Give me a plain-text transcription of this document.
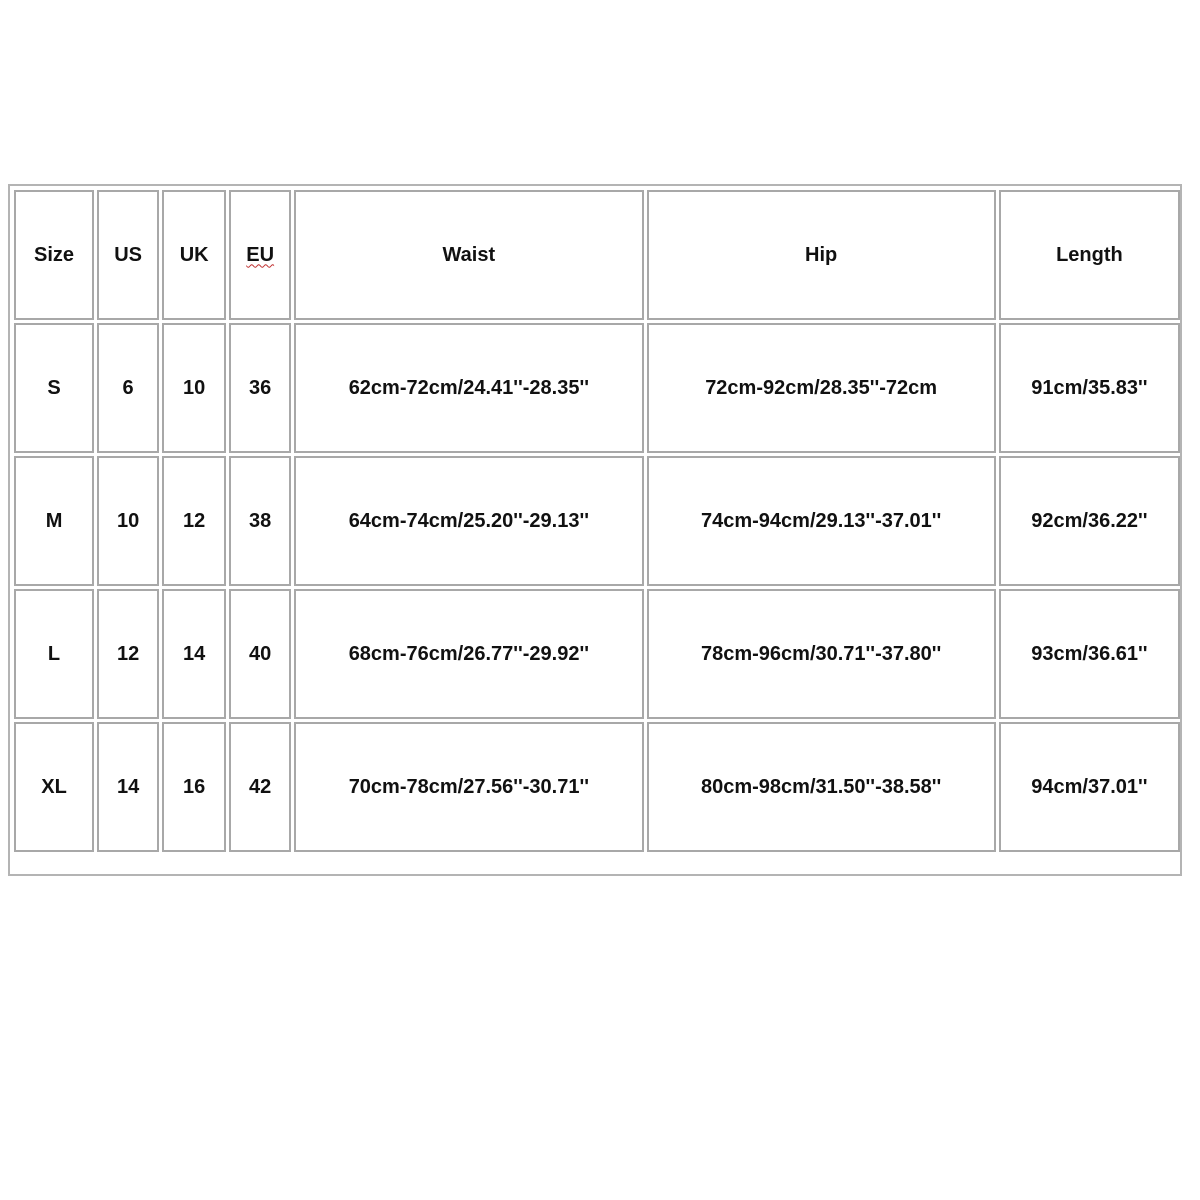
Size	US	UK	EU	Waist	Hip	Length
S	6	10	36	62cm-72cm/24.41''-28.35''	72cm-92cm/28.35''-72cm	91cm/35.83''
M	10	12	38	64cm-74cm/25.20''-29.13''	74cm-94cm/29.13''-37.01''	92cm/36.22''
L	12	14	40	68cm-76cm/26.77''-29.92''	78cm-96cm/30.71''-37.80''	93cm/36.61''
XL	14	16	42	70cm-78cm/27.56''-30.71''	80cm-98cm/31.50''-38.58''	94cm/37.01''
